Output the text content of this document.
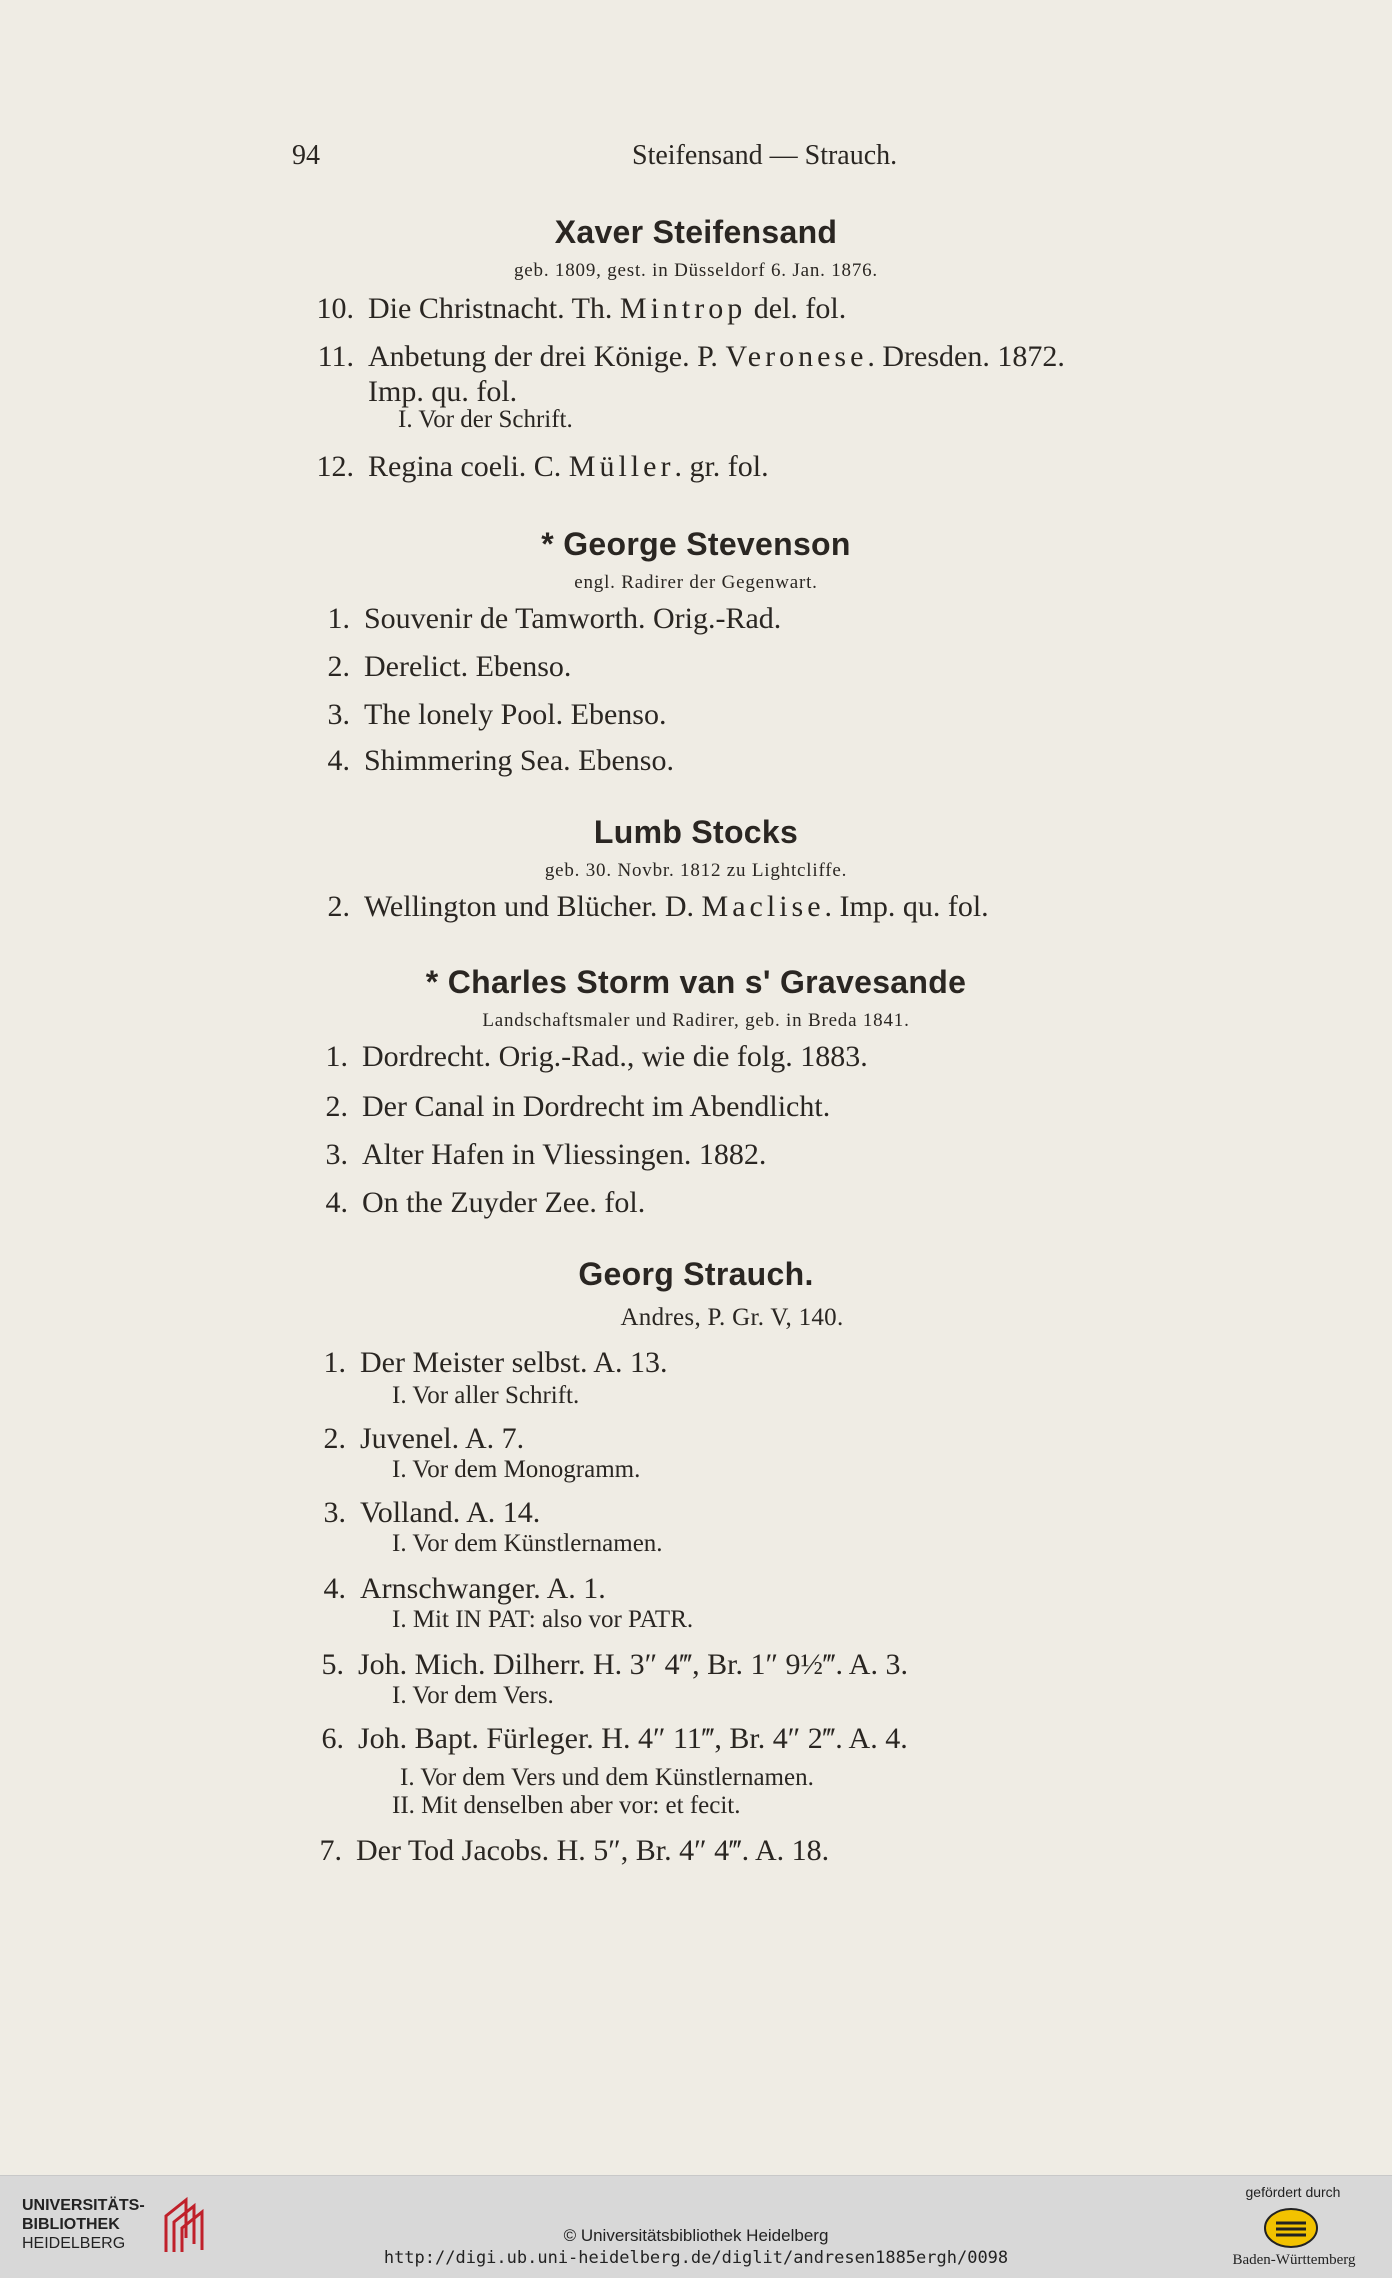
94	Steifensand — Strauch.
Xaver Steifensand
geb. 1809, gest. in Düsseldorf 6. Jan. 1876.
10. Die Christnacht. Th. Mintrop del. fol.
11. Anbetung der drei Könige. P. Veronese. Dresden. 1872.
Imp. qu. fol.
I. Vor der Schrift.
12. Regina coeli. C. Müller. gr. fol.
* George Stevenson
engl. Radirer der Gegenwart.
1. Souvenir de Tamworth. Orig.-Rad.
2. Derelict. Ebenso.
3. The lonely Pool. Ebenso.
4. Shimmering Sea. Ebenso.
Lumb Stocks
geb. 30. Novbr. 1812 zu Lightcliffe.
2. Wellington und Blücher. D. Maclise. Imp. qu. fol.
* Charles Storm van s' Gravesande
Landschaftsmaler und Radirer, geb. in Breda 1841.
1. Dordrecht. Orig.-Rad., wie die folg. 1883.
2. Der Canal in Dordrecht im Abendlicht.
3. Alter Hafen in Vliessingen. 1882.
4. On the Zuyder Zee. fol.
Georg Strauch.
Andres, P. Gr. V, 140.
1. Der Meister selbst. A. 13.
I. Vor aller Schrift.
2. Juvenel. A. 7.
I. Vor dem Monogramm.
3. Volland. A. 14.
I. Vor dem Künstlernamen.
4. Arnschwanger. A. 1.
I. Mit IN PAT: also vor PATR.
5. Joh. Mich. Dilherr. H. 3″ 4‴, Br. 1″ 9½‴. A. 3.
I. Vor dem Vers.
6. Joh. Bapt. Fürleger. H. 4″ 11‴, Br. 4″ 2‴. A. 4.
I. Vor dem Vers und dem Künstlernamen.
II. Mit denselben aber vor: et fecit.
7. Der Tod Jacobs. H. 5″, Br. 4″ 4‴. A. 18.
UNIVERSITÄTS-
BIBLIOTHEK
HEIDELBERG	© Universitätsbibliothek Heidelberg
http://digi.ub.uni-heidelberg.de/diglit/andresen1885ergh/0098
gefördert durch
Baden-Württemberg
